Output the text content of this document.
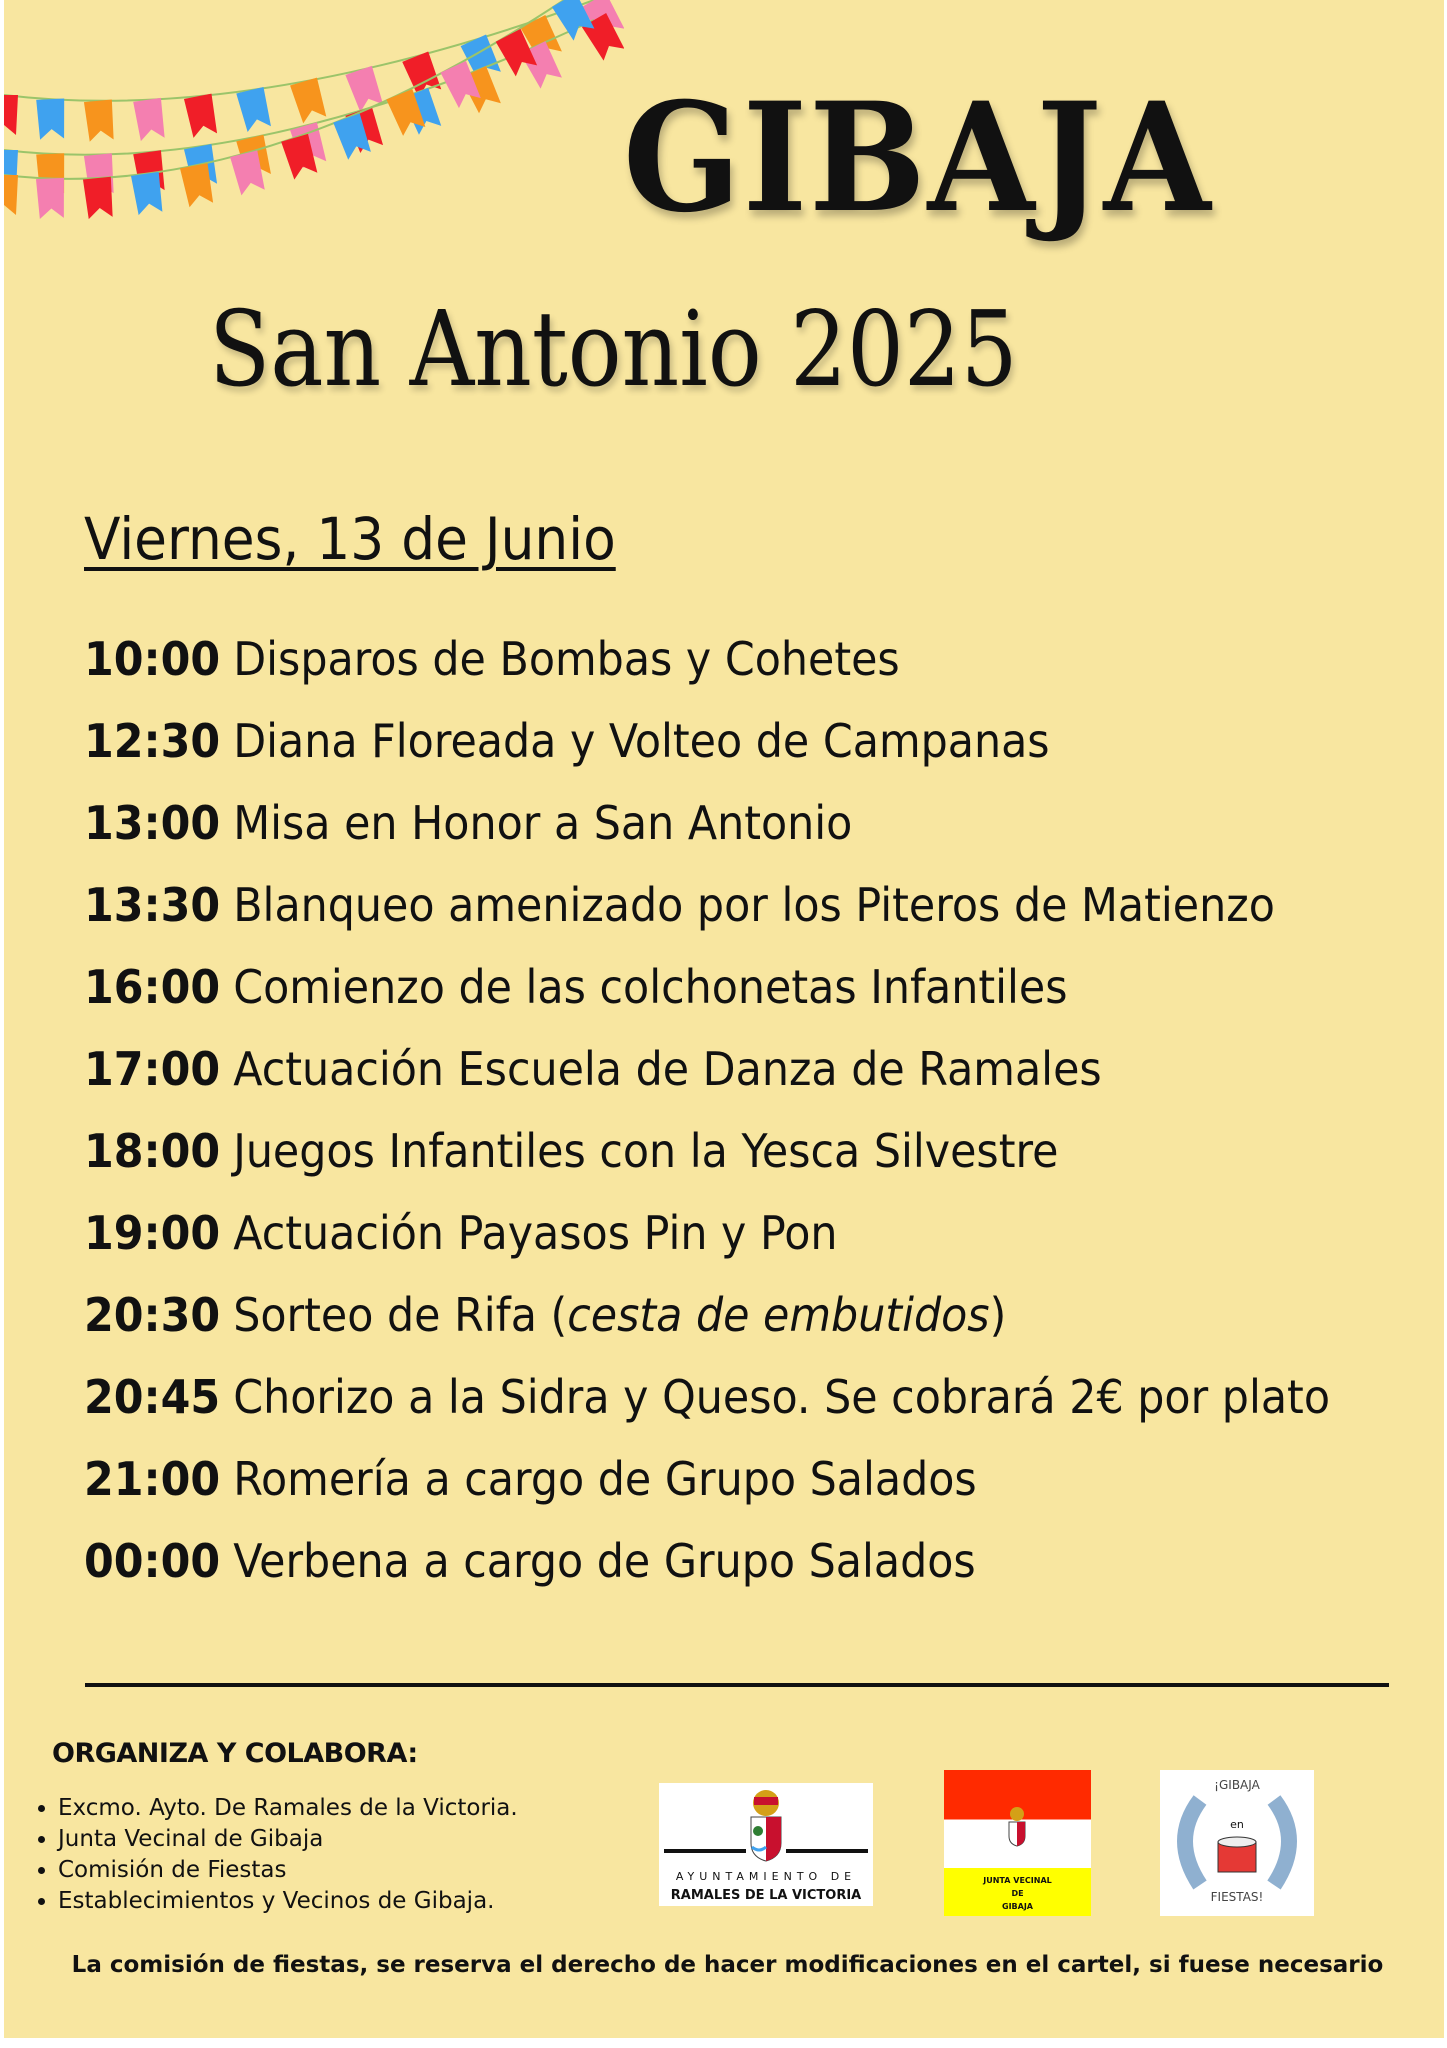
GIBAJA
San Antonio 2025
Viernes, 13 de Junio
10:00 Disparos de Bombas y Cohetes
12:30 Diana Floreada y Volteo de Campanas
13:00 Misa en Honor a San Antonio
13:30 Blanqueo amenizado por los Piteros de Matienzo
16:00 Comienzo de las colchonetas Infantiles
17:00 Actuación Escuela de Danza de Ramales
18:00 Juegos Infantiles con la Yesca Silvestre
19:00 Actuación Payasos Pin y Pon
20:30 Sorteo de Rifa (cesta de embutidos)
20:45 Chorizo a la Sidra y Queso. Se cobrará 2€ por plato
21:00 Romería a cargo de Grupo Salados
00:00 Verbena a cargo de Grupo Salados
ORGANIZA Y COLABORA:
• Excmo. Ayto. De Ramales de la Victoria.
• Junta Vecinal de Gibaja
• Comisión de Fiestas
• Establecimientos y Vecinos de Gibaja.
AYUNTAMIENTO DE
RAMALES DE LA VICTORIA
JUNTA VECINAL
DE
GIBAJA
¡GIBAJA
en
FIESTAS!
La comisión de fiestas, se reserva el derecho de hacer modificaciones en el cartel, si fuese necesario
